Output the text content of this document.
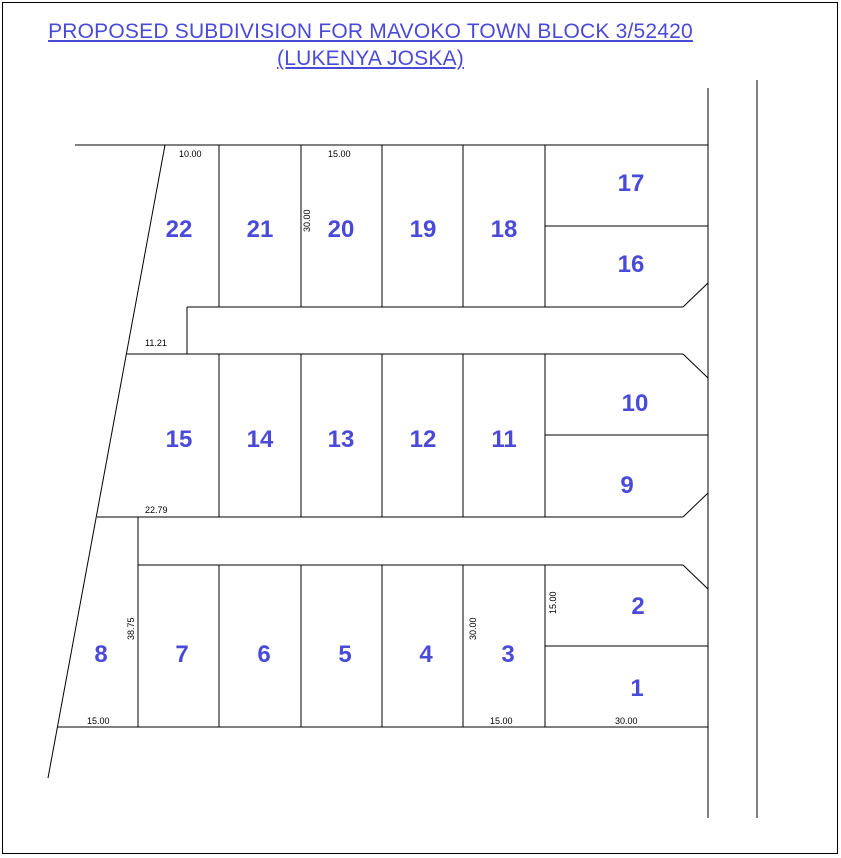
PROPOSED SUBDIVISION FOR MAVOKO TOWN BLOCK 3/52420
(LUKENYA JOSKA)
22 21 20 19 18
17
16
15 14 13 12 11
10
9
8	7	6	5	4	3
2
1
10.00	15.00
30.00
11.21
22.79
38.75
15.00
30.00
15.00
15.00	30.00
